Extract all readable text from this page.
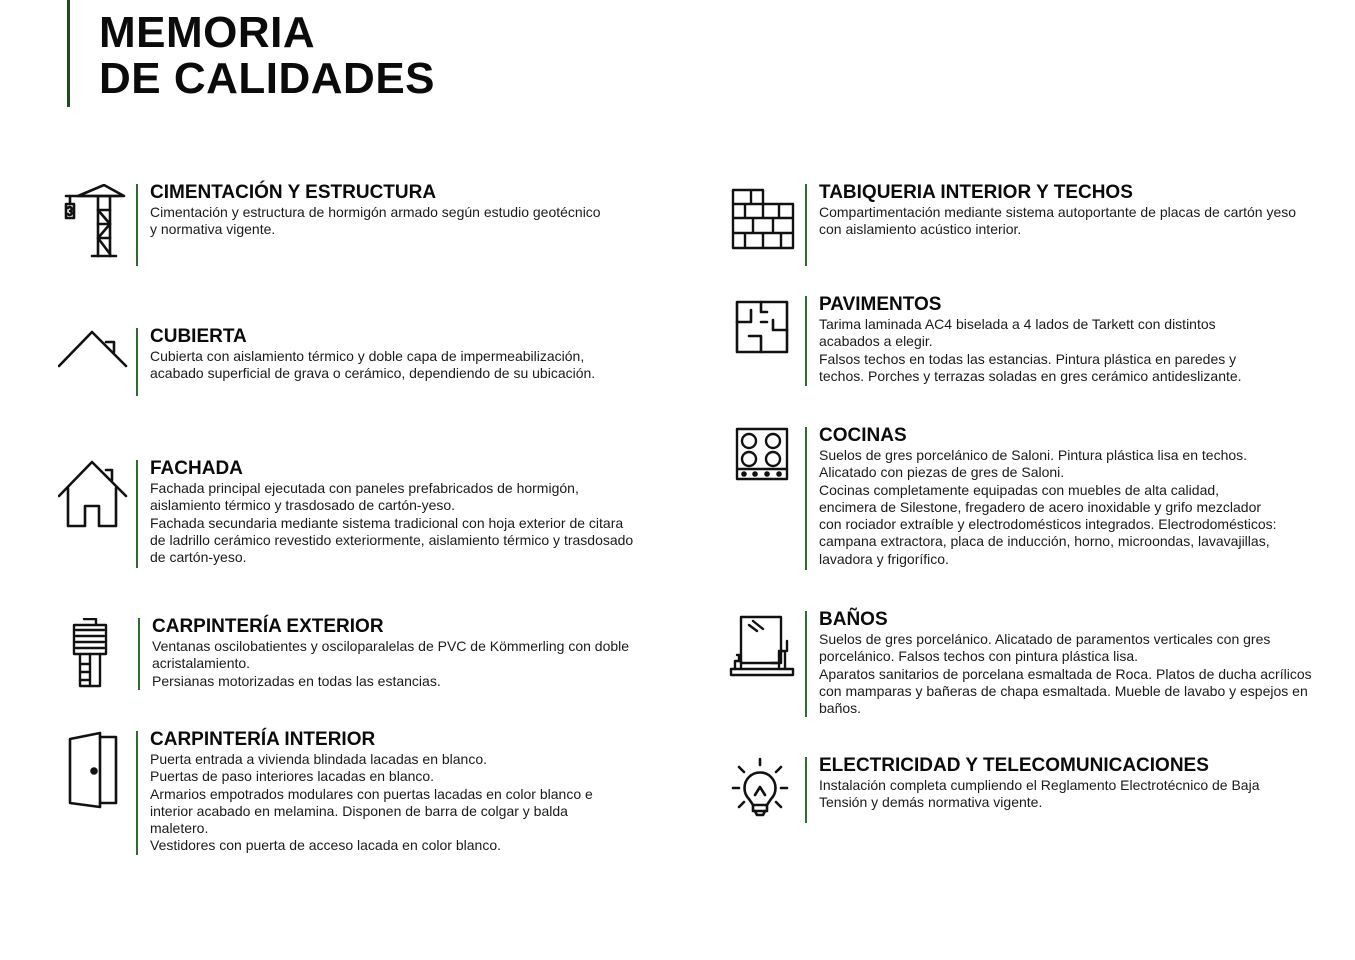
MEMORIA
DE CALIDADES
CIMENTACIÓN Y ESTRUCTURA

Cimentación y estructura de hormigón armado según estudio geotécnico
y normativa vigente.

CUBIERTA

Cubierta con aislamiento térmico y doble capa de impermeabilización,
acabado superficial de grava o cerámico, dependiendo de su ubicación.

FACHADA

Fachada principal ejecutada con paneles prefabricados de hormigón,
aislamiento térmico y trasdosado de cartón-yeso.
Fachada secundaria mediante sistema tradicional con hoja exterior de citara
de ladrillo cerámico revestido exteriormente, aislamiento térmico y trasdosado
de cartón-yeso.

CARPINTERÍA EXTERIOR

Ventanas oscilobatientes y oscilopa​ralelas de PVC de Kömmerling con doble
acristalamiento.
Persianas motorizadas en todas las estancias.

CARPINTERÍA INTERIOR

Puerta entrada a vivienda blindada lacadas en blanco.
Puertas de paso interiores lacadas en blanco.
Armarios empotrados modulares con puertas lacadas en color blanco e
interior acabado en melamina. Disponen de barra de colgar y balda
maletero.
Vestidores con puerta de acceso lacada en color blanco.

TABIQUERIA INTERIOR Y TECHOS

Compartimentación mediante sistema autoportante de placas de cartón yeso
con aislamiento acústico interior.

PAVIMENTOS

Tarima laminada AC4 biselada a 4 lados de Tarkett con distintos
acabados a elegir.
Falsos techos en todas las estancias. Pintura plástica en paredes y
techos. Porches y terrazas soladas en gres cerámico antideslizante.

COCINAS

Suelos de gres porcelánico de Saloni. Pintura plástica lisa en techos.
Alicatado con piezas de gres de Saloni.
Cocinas completamente equipadas con muebles de alta calidad,
encimera de Silestone, fregadero de acero inoxidable y grifo mezclador
con rociador extraíble y electrodomésticos integrados. Electrodomésticos:
campana extractora, placa de inducción, horno, microondas, lavavajillas,
lavadora y frigorífico.

BAÑOS

Suelos de gres porcelánico. Alicatado de paramentos verticales con gres
porcelánico. Falsos techos con pintura plástica lisa.
Aparatos sanitarios de porcelana esmaltada de Roca. Platos de ducha acrílicos
con mamparas y bañeras de chapa esmaltada. Mueble de lavabo y espejos en
baños.

ELECTRICIDAD Y TELECOMUNICACIONES

Instalación completa cumpliendo el Reglamento Electrotécnico de Baja
Tensión y demás normativa vigente.
